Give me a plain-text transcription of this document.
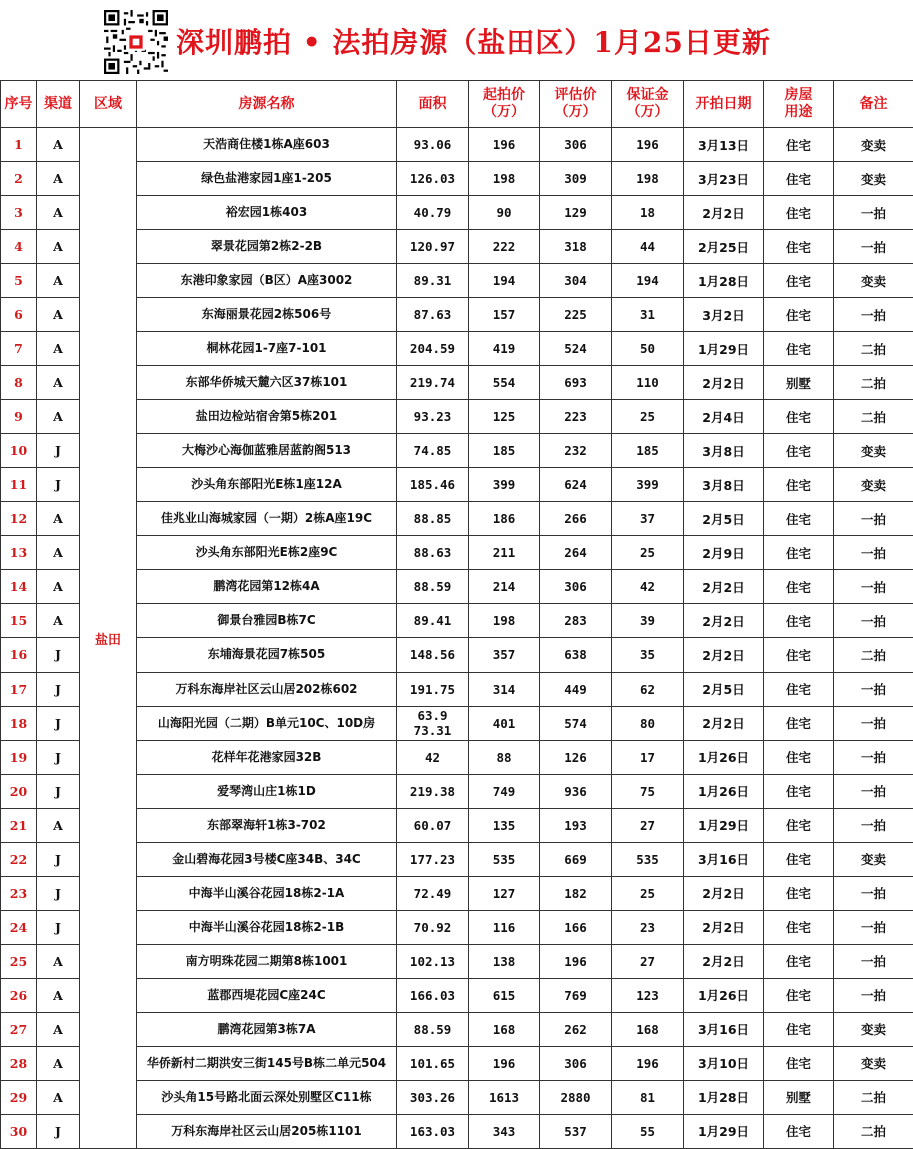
深圳鹏拍 • 法拍房源（盐田区）1月25日更新
序号	渠道	区域	房源名称	面积	起拍价（万）	评估价（万）	保证金（万）	开拍日期	房屋用途	备注
1	A	盐田	天浩商住楼1栋A座603	93.06	196	306	196	3月13日	住宅	变卖
2	A		绿色盐港家园1座1-205	126.03	198	309	198	3月23日	住宅	变卖
3	A		裕宏园1栋403	40.79	90	129	18	2月2日	住宅	一拍
4	A		翠景花园第2栋2-2B	120.97	222	318	44	2月25日	住宅	一拍
5	A		东港印象家园（B区）A座3002	89.31	194	304	194	1月28日	住宅	变卖
6	A		东海丽景花园2栋506号	87.63	157	225	31	3月2日	住宅	一拍
7	A		桐林花园1-7座7-101	204.59	419	524	50	1月29日	住宅	二拍
8	A		东部华侨城天麓六区37栋101	219.74	554	693	110	2月2日	别墅	二拍
9	A		盐田边检站宿舍第5栋201	93.23	125	223	25	2月4日	住宅	二拍
10	J		大梅沙心海伽蓝雅居蓝韵阁513	74.85	185	232	185	3月8日	住宅	变卖
11	J		沙头角东部阳光E栋1座12A	185.46	399	624	399	3月8日	住宅	变卖
12	A		佳兆业山海城家园（一期）2栋A座19C	88.85	186	266	37	2月5日	住宅	一拍
13	A		沙头角东部阳光E栋2座9C	88.63	211	264	25	2月9日	住宅	一拍
14	A		鹏湾花园第12栋4A	88.59	214	306	42	2月2日	住宅	一拍
15	A		御景台雅园B栋7C	89.41	198	283	39	2月2日	住宅	一拍
16	J		东埔海景花园7栋505	148.56	357	638	35	2月2日	住宅	二拍
17	J		万科东海岸社区云山居202栋602	191.75	314	449	62	2月5日	住宅	一拍
18	J		山海阳光园（二期）B单元10C、10D房	63.9
73.31	401	574	80	2月2日	住宅	一拍
19	J		花样年花港家园32B	42	88	126	17	1月26日	住宅	一拍
20	J		爱琴湾山庄1栋1D	219.38	749	936	75	1月26日	住宅	一拍
21	A		东部翠海轩1栋3-702	60.07	135	193	27	1月29日	住宅	一拍
22	J		金山碧海花园3号楼C座34B、34C	177.23	535	669	535	3月16日	住宅	变卖
23	J		中海半山溪谷花园18栋2-1A	72.49	127	182	25	2月2日	住宅	一拍
24	J		中海半山溪谷花园18栋2-1B	70.92	116	166	23	2月2日	住宅	一拍
25	A		南方明珠花园二期第8栋1001	102.13	138	196	27	2月2日	住宅	一拍
26	A		蓝郡西堤花园C座24C	166.03	615	769	123	1月26日	住宅	一拍
27	A		鹏湾花园第3栋7A	88.59	168	262	168	3月16日	住宅	变卖
28	A		华侨新村二期洪安三街145号B栋二单元504	101.65	196	306	196	3月10日	住宅	变卖
29	A		沙头角15号路北面云深处别墅区C11栋	303.26	1613	2880	81	1月28日	别墅	二拍
30	J		万科东海岸社区云山居205栋1101	163.03	343	537	55	1月29日	住宅	二拍
